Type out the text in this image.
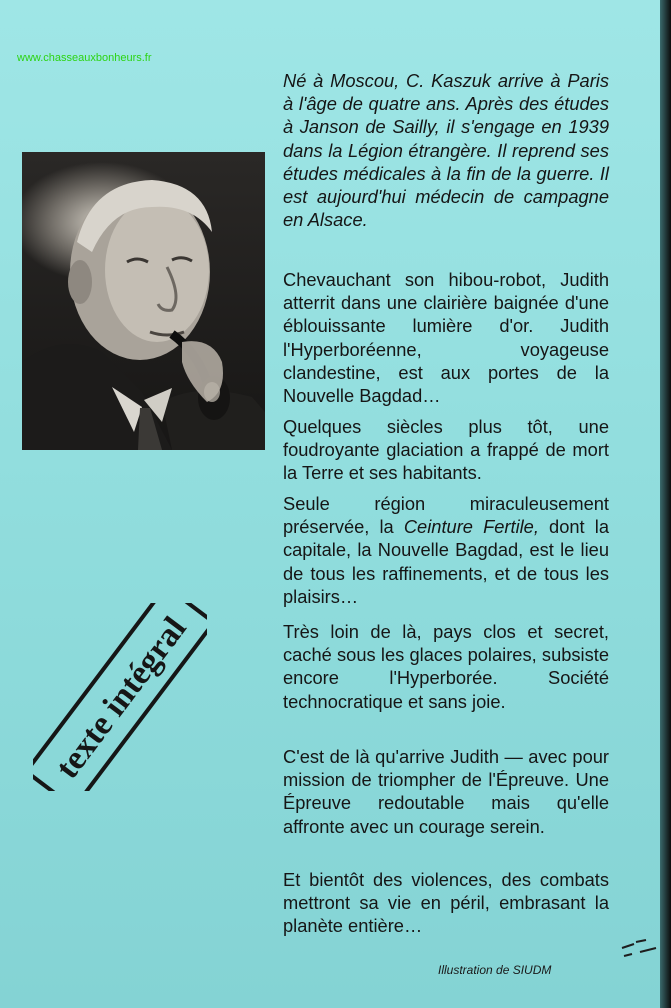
www.chasseauxbonheurs.fr
texte intégral
Né à Moscou, C. Kaszuk arrive à Paris à l'âge de quatre ans. Après des études à Janson de Sailly, il s'engage en 1939 dans la Légion étrangère. Il reprend ses études médicales à la fin de la guerre. Il est aujourd'hui médecin de campagne en Alsace.
Chevauchant son hibou-robot, Judith atterrit dans une clairière baignée d'une éblouissante lumière d'or. Judith l'Hyperboréenne, voyageuse clandestine, est aux portes de la Nouvelle Bagdad…
Quelques siècles plus tôt, une foudroyante glaciation a frappé de mort la Terre et ses habitants.
Seule région miraculeusement préservée, la Ceinture Fertile, dont la capitale, la Nouvelle Bagdad, est le lieu de tous les raffinements, et de tous les plaisirs…
Très loin de là, pays clos et secret, caché sous les glaces polaires, subsiste encore l'Hyperborée. Société technocratique et sans joie.
C'est de là qu'arrive Judith — avec pour mission de triompher de l'Épreuve. Une Épreuve redoutable mais qu'elle affronte avec un courage serein.
Et bientôt des violences, des combats mettront sa vie en péril, embrasant la planète entière…
Illustration de SIUDM
